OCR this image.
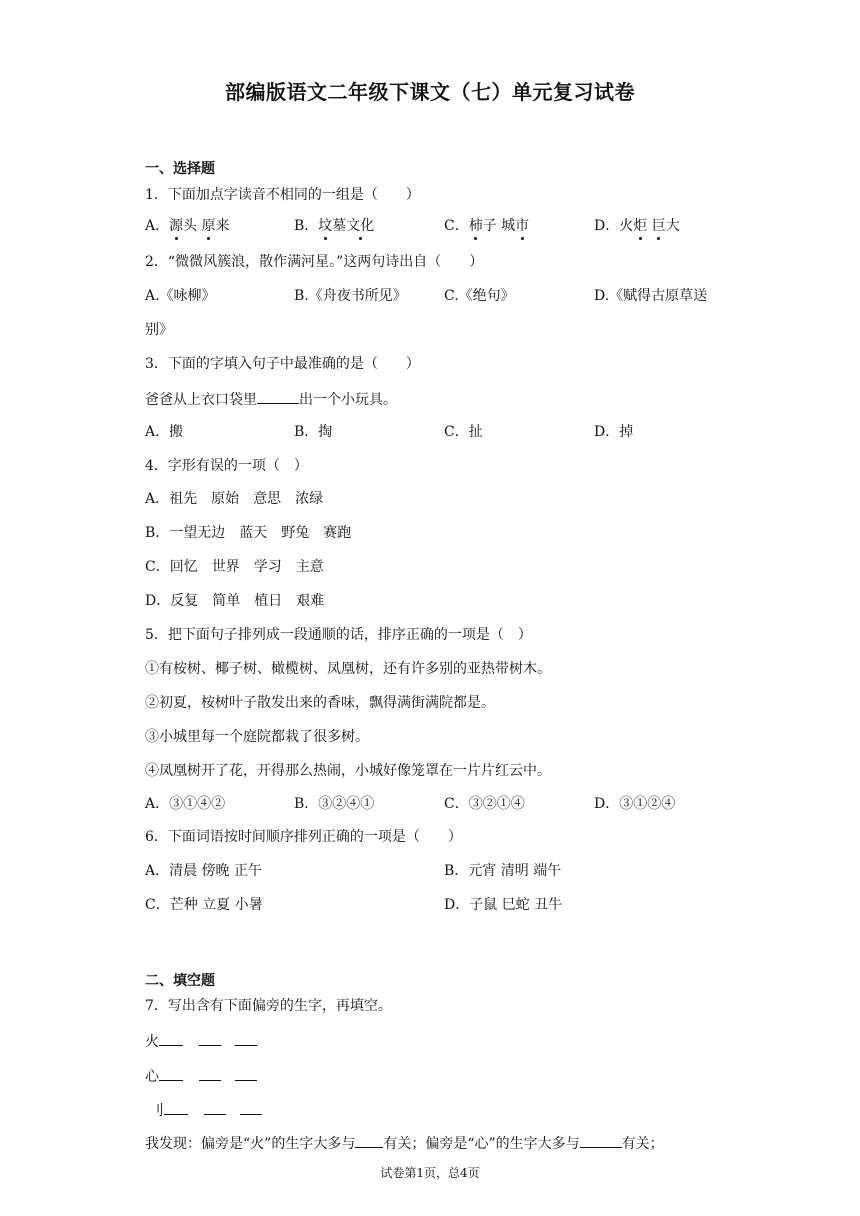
部编版语文二年级下课文（七）单元复习试卷
一、选择题
1．下面加点字读音不相同的一组是（　　）
A．源头 原来	B．坟墓文化	C．柿子 城市	D．火炬 巨大
2．“微微风簇浪，散作满河星。”这两句诗出自（　　）
A.《咏柳》	B.《舟夜书所见》	C.《绝句》	D.《赋得古原草送
别》
3．下面的字填入句子中最准确的是（　　）
爸爸从上衣口袋里	出一个小玩具。
A．搬	B．掏	C．扯	D．掉
4．字形有误的一项（　）
A．祖先　原始　意思　浓绿
B．一望无边　蓝天　野兔　赛跑
C．回忆　世界　学习　主意
D．反复　简单　植日　艰难
5．把下面句子排列成一段通顺的话，排序正确的一项是（　）
①有桉树、椰子树、橄榄树、凤凰树，还有许多别的亚热带树木。
②初夏，桉树叶子散发出来的香味，飘得满街满院都是。
③小城里每一个庭院都栽了很多树。
④凤凰树开了花，开得那么热闹，小城好像笼罩在一片片红云中。
A．③①④②	B．③②④①	C．③②①④	D．③①②④
6．下面词语按时间顺序排列正确的一项是（　　）
A．清晨 傍晚 正午	B．元宵 清明 端午
C．芒种 立夏 小暑	D．子鼠 巳蛇 丑牛
二、填空题
7．写出含有下面偏旁的生字，再填空。
火
心
刂
我发现：偏旁是“火”的生字大多与 有关；偏旁是“心”的生字大多与	有关；
试卷第1页，总4页
